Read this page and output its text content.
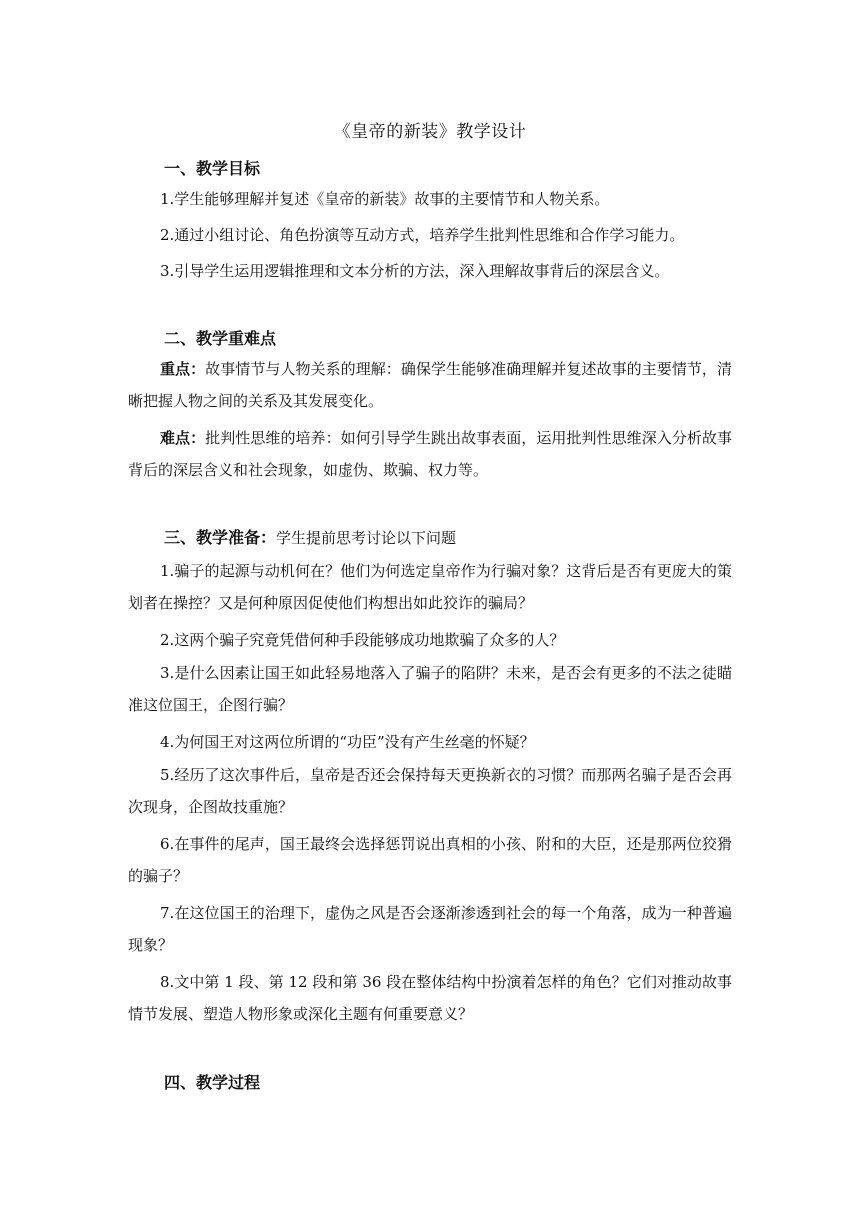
《皇帝的新装》教学设计
一、教学目标
1.学生能够理解并复述《皇帝的新装》故事的主要情节和人物关系。
2.通过小组讨论、角色扮演等互动方式，培养学生批判性思维和合作学习能力。
3.引导学生运用逻辑推理和文本分析的方法，深入理解故事背后的深层含义。
二、教学重难点
重点：故事情节与人物关系的理解：确保学生能够准确理解并复述故事的主要情节，清晰把握人物之间的关系及其发展变化。
难点：批判性思维的培养：如何引导学生跳出故事表面，运用批判性思维深入分析故事背后的深层含义和社会现象，如虚伪、欺骗、权力等。
三、教学准备：学生提前思考讨论以下问题
1.骗子的起源与动机何在？他们为何选定皇帝作为行骗对象？这背后是否有更庞大的策划者在操控？又是何种原因促使他们构想出如此狡诈的骗局？
2.这两个骗子究竟凭借何种手段能够成功地欺骗了众多的人？
3.是什么因素让国王如此轻易地落入了骗子的陷阱？未来，是否会有更多的不法之徒瞄准这位国王，企图行骗？
4.为何国王对这两位所谓的“功臣”没有产生丝毫的怀疑？
5.经历了这次事件后，皇帝是否还会保持每天更换新衣的习惯？而那两名骗子是否会再次现身，企图故技重施？
6.在事件的尾声，国王最终会选择惩罚说出真相的小孩、附和的大臣，还是那两位狡猾的骗子？
7.在这位国王的治理下，虚伪之风是否会逐渐渗透到社会的每一个角落，成为一种普遍现象？
8.文中第 1 段、第 12 段和第 36 段在整体结构中扮演着怎样的角色？它们对推动故事情节发展、塑造人物形象或深化主题有何重要意义？
四、教学过程
